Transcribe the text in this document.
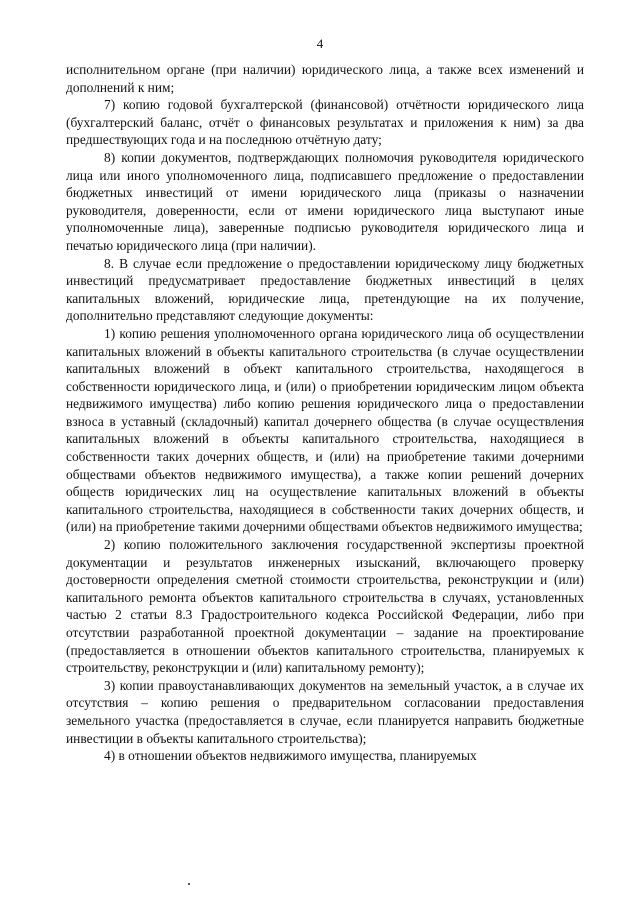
4

исполнительном органе (при наличии) юридического лица, а также всех изменений и дополнений к ним;

7) копию годовой бухгалтерской (финансовой) отчётности юридического лица (бухгалтерский баланс, отчёт о финансовых результатах и приложения к ним) за два предшествующих года и на последнюю отчётную дату;

8) копии документов, подтверждающих полномочия руководителя юридического лица или иного уполномоченного лица, подписавшего предложение о предоставлении бюджетных инвестиций от имени юридического лица (приказы о назначении руководителя, доверенности, если от имени юридического лица выступают иные уполномоченные лица), заверенные подписью руководителя юридического лица и печатью юридического лица (при наличии).

8. В случае если предложение о предоставлении юридическому лицу бюджетных инвестиций предусматривает предоставление бюджетных инвестиций в целях капитальных вложений, юридические лица, претендующие на их получение, дополнительно представляют следующие документы:

1) копию решения уполномоченного органа юридического лица об осуществлении капитальных вложений в объекты капитального строительства (в случае осуществлении капитальных вложений в объект капитального строительства, находящегося в собственности юридического лица, и (или) о приобретении юридическим лицом объекта недвижимого имущества) либо копию решения юридического лица о предоставлении взноса в уставный (складочный) капитал дочернего общества (в случае осуществления капитальных вложений в объекты капитального строительства, находящиеся в собственности таких дочерних обществ, и (или) на приобретение такими дочерними обществами объектов недвижимого имущества), а также копии решений дочерних обществ юридических лиц на осуществление капитальных вложений в объекты капитального строительства, находящиеся в собственности таких дочерних обществ, и (или) на приобретение такими дочерними обществами объектов недвижимого имущества;

2) копию положительного заключения государственной экспертизы проектной документации и результатов инженерных изысканий, включающего проверку достоверности определения сметной стоимости строительства, реконструкции и (или) капитального ремонта объектов капитального строительства в случаях, установленных частью 2 статьи 8.3 Градостроительного кодекса Российской Федерации, либо при отсутствии разработанной проектной документации – задание на проектирование (предоставляется в отношении объектов капитального строительства, планируемых к строительству, реконструкции и (или) капитальному ремонту);

3) копии правоустанавливающих документов на земельный участок, а в случае их отсутствия – копию решения о предварительном согласовании предоставления земельного участка (предоставляется в случае, если планируется направить бюджетные инвестиции в объекты капитального строительства);

4) в отношении объектов недвижимого имущества, планируемых
